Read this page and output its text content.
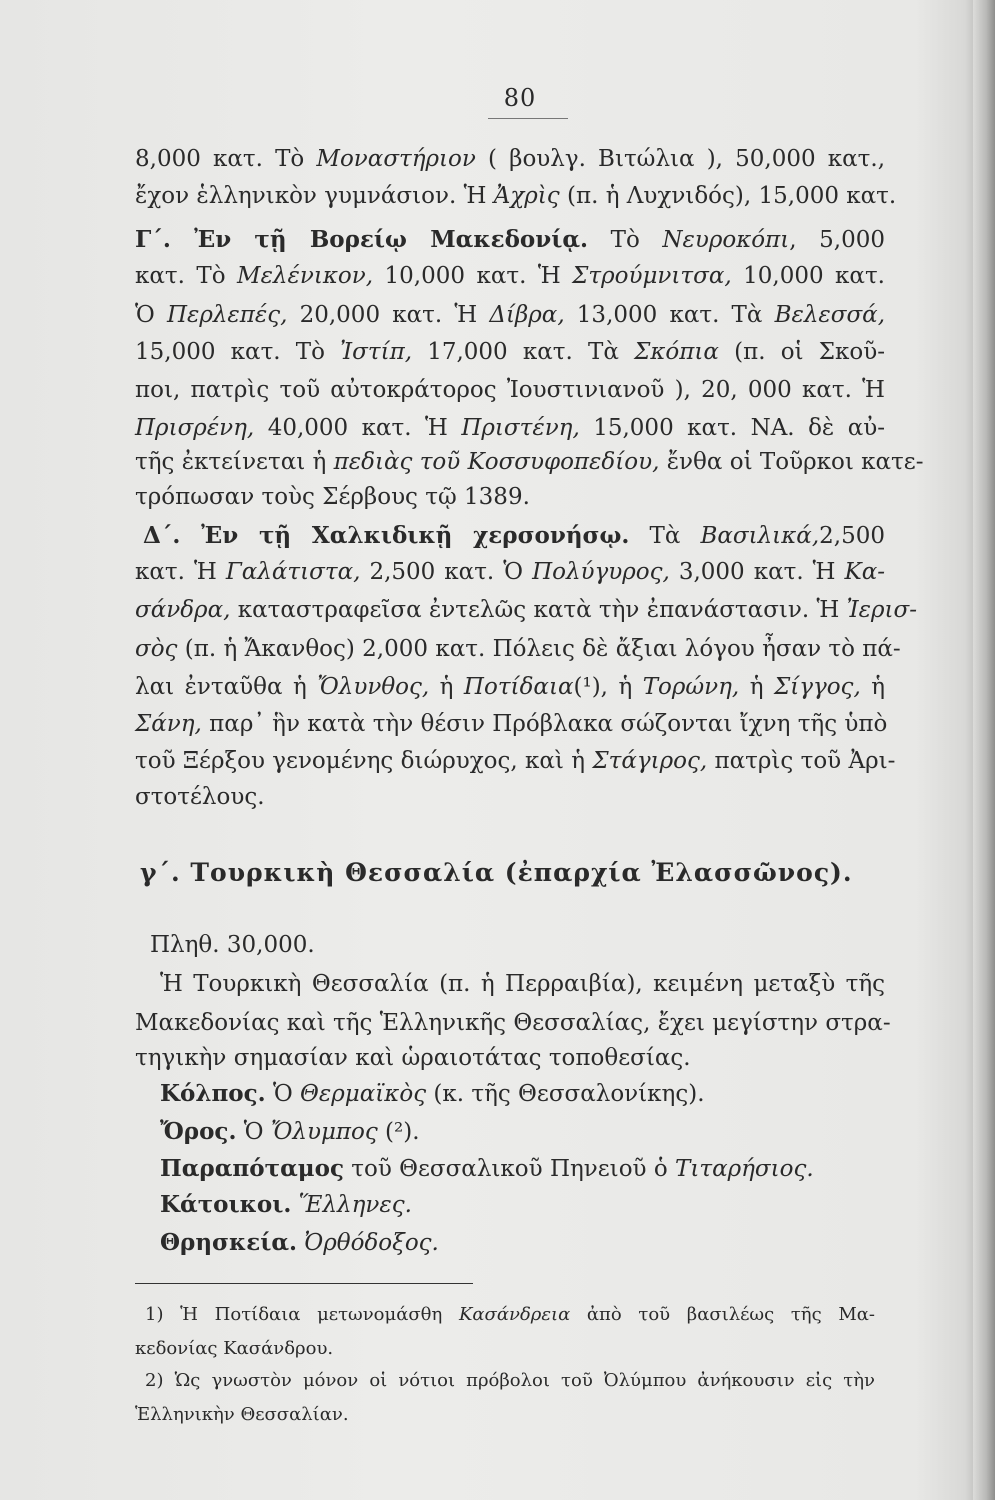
80
8,000 κατ. Τὸ Μοναστήριον ( βουλγ. Βιτώλια ), 50,000 κατ.,
ἔχον ἑλληνικὸν γυμνάσιον. Ἡ Ἀχρὶς (π. ἡ Λυχνιδός), 15,000 κατ.
Γ΄. Ἐν τῇ Βορείῳ Μακεδονίᾳ. Τὸ Νευροκόπι, 5,000
κατ. Τὸ Μελένικον, 10,000 κατ. Ἡ Στρούμνιτσα, 10,000 κατ.
Ὁ Περλεπές, 20,000 κατ. Ἡ Δίβρα, 13,000 κατ. Τὰ Βελεσσά,
15,000 κατ. Τὸ Ἰστίπ, 17,000 κατ. Τὰ Σκόπια (π. οἱ Σκοῦ-
ποι, πατρὶς τοῦ αὐτοκράτορος Ἰουστινιανοῦ ), 20, 000 κατ. Ἡ
Πρισρένη, 40,000 κατ. Ἡ Πριστένη, 15,000 κατ. ΝΑ. δὲ αὐ-
τῆς ἐκτείνεται ἡ πεδιὰς τοῦ Κοσσυφοπεδίου, ἔνθα οἱ Τοῦρκοι κατε-
τρόπωσαν τοὺς Σέρβους τῷ 1389.
Δ΄. Ἐν τῇ Χαλκιδικῇ χερσονήσῳ. Τὰ Βασιλικά,2,500
κατ. Ἡ Γαλάτιστα, 2,500 κατ. Ὁ Πολύγυρος, 3,000 κατ. Ἡ Κα-
σάνδρα, καταστραφεῖσα ἐντελῶς κατὰ τὴν ἐπανάστασιν. Ἡ Ἰερισ-
σὸς (π. ἡ Ἄκανθος) 2,000 κατ. Πόλεις δὲ ἄξιαι λόγου ἦσαν τὸ πά-
λαι ἐνταῦθα ἡ Ὄλυνθος, ἡ Ποτίδαια(¹), ἡ Τορώνη, ἡ Σίγγος, ἡ
Σάνη, παρ᾽ ἣν κατὰ τὴν θέσιν Πρόβλακα σώζονται ἴχνη τῆς ὑπὸ
τοῦ Ξέρξου γενομένης διώρυχος, καὶ ἡ Στάγιρος, πατρὶς τοῦ Ἀρι-
στοτέλους.
γ΄. Τουρκικὴ Θεσσαλία (ἐπαρχία Ἐλασσῶνος).
Πληθ. 30,000.
Ἡ Τουρκικὴ Θεσσαλία (π. ἡ Περραιβία), κειμένη μεταξὺ τῆς
Μακεδονίας καὶ τῆς Ἑλληνικῆς Θεσσαλίας, ἔχει μεγίστην στρα-
τηγικὴν σημασίαν καὶ ὡραιοτάτας τοποθεσίας.
Κόλπος. Ὁ Θερμαϊκὸς (κ. τῆς Θεσσαλονίκης).
Ὄρος. Ὁ Ὄλυμπος (²).
Παραπόταμος τοῦ Θεσσαλικοῦ Πηνειοῦ ὁ Τιταρήσιος.
Κάτοικοι. Ἕλληνες.
Θρησκεία. Ὀρθόδοξος.
1) Ἡ Ποτίδαια μετωνομάσθη Κασάνδρεια ἀπὸ τοῦ βασιλέως τῆς Μα-
κεδονίας Κασάνδρου.
2) Ὡς γνωστὸν μόνον οἱ νότιοι πρόβολοι τοῦ Ὀλύμπου ἀνήκουσιν εἰς τὴν
Ἑλληνικὴν Θεσσαλίαν.
